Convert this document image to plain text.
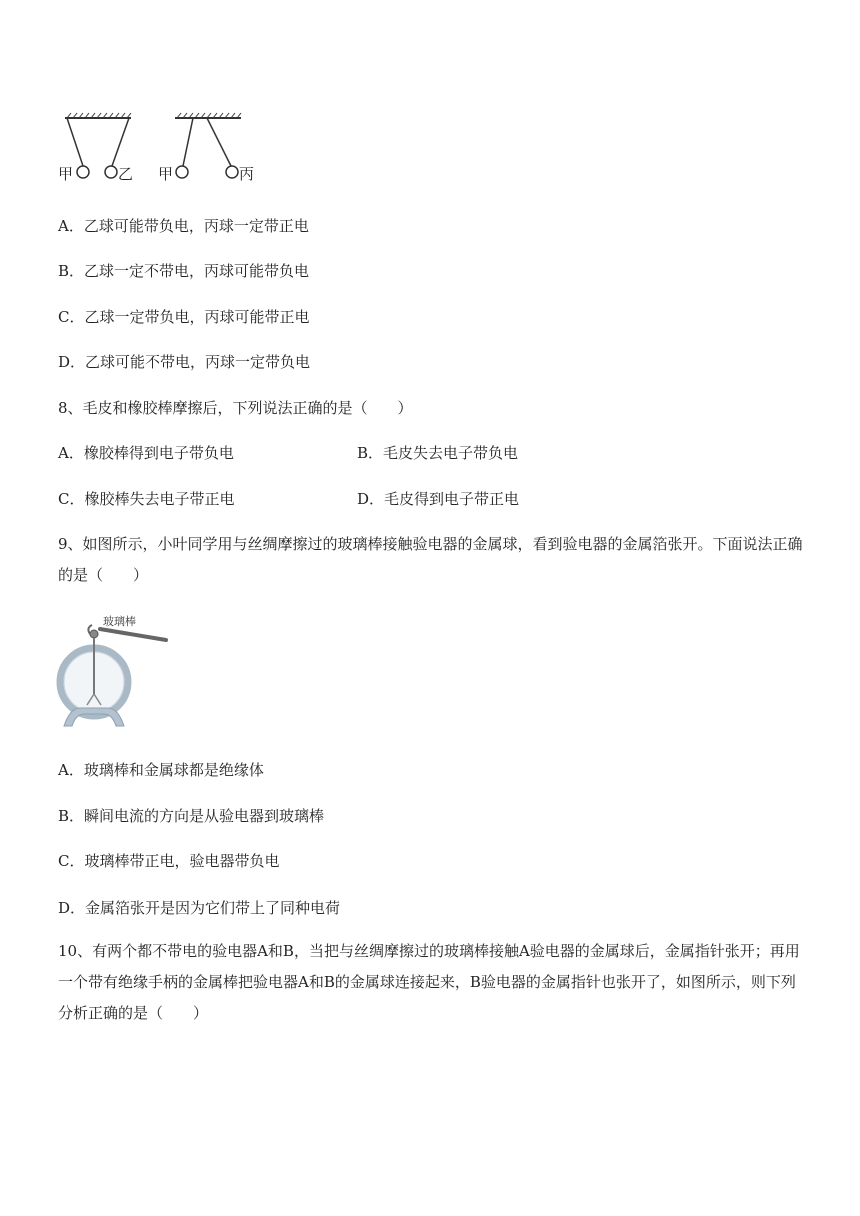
甲	乙 甲	丙
A．乙球可能带负电，丙球一定带正电
B．乙球一定不带电，丙球可能带负电
C．乙球一定带负电，丙球可能带正电
D．乙球可能不带电，丙球一定带负电
8、毛皮和橡胶棒摩擦后，下列说法正确的是（　　）
A．橡胶棒得到电子带负电	B．毛皮失去电子带负电
C．橡胶棒失去电子带正电	D．毛皮得到电子带正电
9、如图所示，小叶同学用与丝绸摩擦过的玻璃棒接触验电器的金属球，看到验电器的金属箔张开。下面说法正确的是（　　）
玻璃棒
A．玻璃棒和金属球都是绝缘体
B．瞬间电流的方向是从验电器到玻璃棒
C．玻璃棒带正电，验电器带负电
D．金属箔张开是因为它们带上了同种电荷
10、有两个都不带电的验电器A和B，当把与丝绸摩擦过的玻璃棒接触A验电器的金属球后，金属指针张开；再用一个带有绝缘手柄的金属棒把验电器A和B的金属球连接起来，B验电器的金属指针也张开了，如图所示，则下列分析正确的是（　　）
